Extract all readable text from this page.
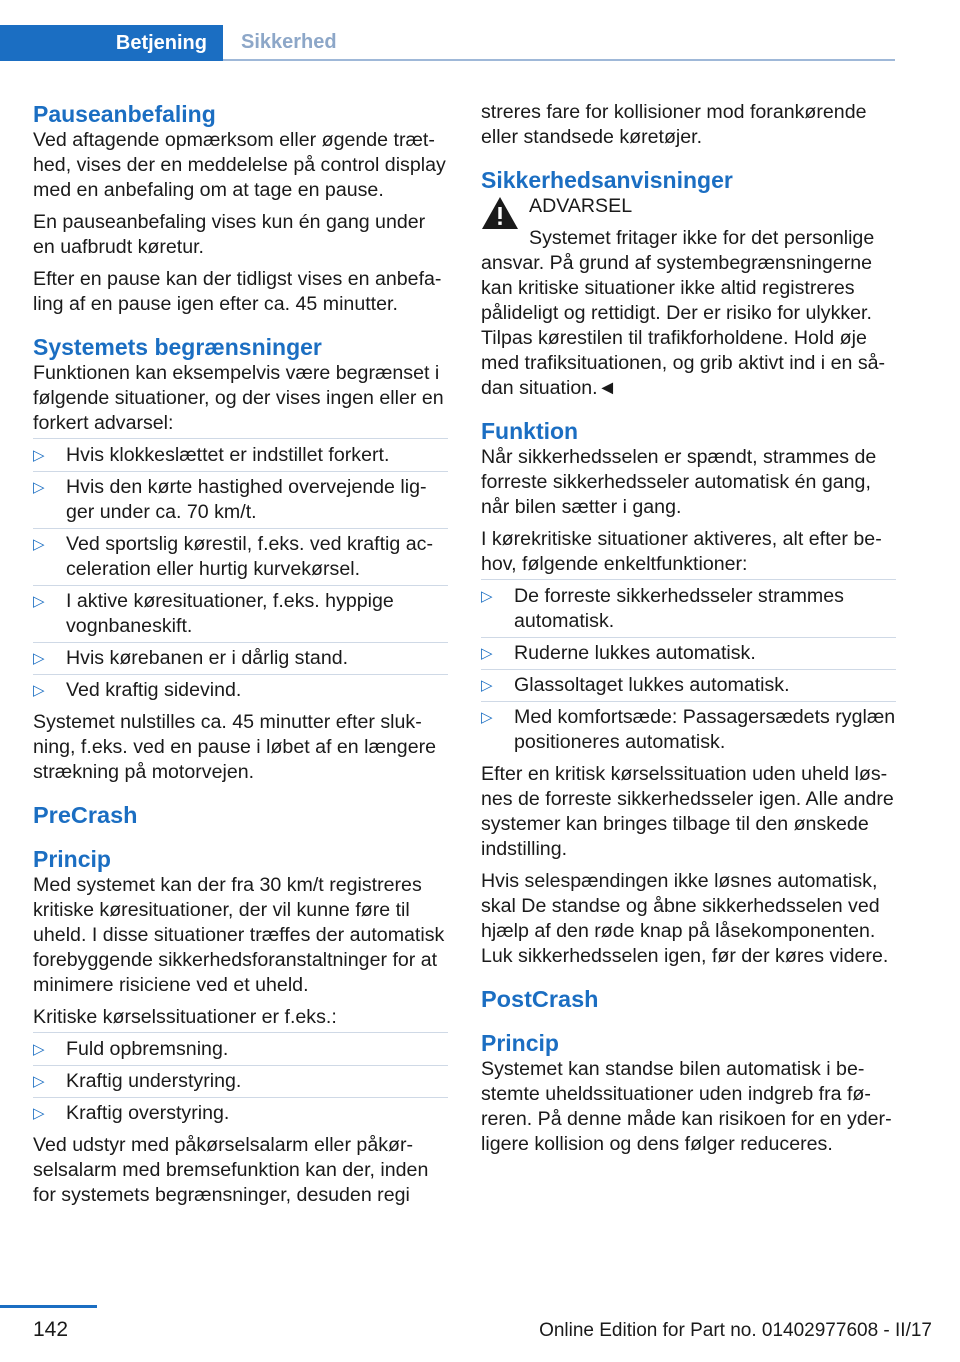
Betjening	Sikkerhed
Pauseanbefaling

Ved aftagende opmærksom eller øgende træthed, vises der en meddelelse på control display med en anbefaling om at tage en pause.

En pauseanbefaling vises kun én gang under en uafbrudt køretur.

Efter en pause kan der tidligst vises en anbefaling af en pause igen efter ca. 45 minutter.

Systemets begrænsninger

Funktionen kan eksempelvis være begrænset i følgende situationer, og der vises ingen eller en forkert advarsel:

▷ Hvis klokkeslættet er indstillet forkert.
▷ Hvis den kørte hastighed overvejende ligger under ca. 70 km/t.
▷ Ved sportslig kørestil, f.eks. ved kraftig acceleration eller hurtig kurvekørsel.
▷ I aktive køresituationer, f.eks. hyppige vognbaneskift.
▷ Hvis kørebanen er i dårlig stand.
▷ Ved kraftig sidevind.

Systemet nulstilles ca. 45 minutter efter slukning, f.eks. ved en pause i løbet af en længere strækning på motorvejen.

PreCrash
Princip

Med systemet kan der fra 30 km/t registreres kritiske køresituationer, der vil kunne føre til uheld. I disse situationer træffes der automatisk forebyggende sikkerhedsforanstaltninger for at minimere risiciene ved et uheld.

Kritiske kørselssituationer er f.eks.:

▷ Fuld opbremsning.
▷ Kraftig understyring.
▷ Kraftig overstyring.

Ved udstyr med påkørselsalarm eller påkørselsalarm med bremsefunktion kan der, inden for systemets begrænsninger, desuden regi

streres fare for kollisioner mod forankørende eller standsede køretøjer.

Sikkerhedsanvisninger
ADVARSEL
Systemet fritager ikke for det personlige

ansvar. På grund af systembegrænsningerne kan kritiske situationer ikke altid registreres pålideligt og rettidigt. Der er risiko for ulykker. Tilpas kørestilen til trafikforholdene. Hold øje med trafiksituationen, og grib aktivt ind i en sådan situation.◄

Funktion

Når sikkerhedsselen er spændt, strammes de forreste sikkerhedsseler automatisk én gang, når bilen sætter i gang.

I kørekritiske situationer aktiveres, alt efter behov, følgende enkeltfunktioner:

▷ De forreste sikkerhedsseler strammes automatisk.
▷ Ruderne lukkes automatisk.
▷ Glassoltaget lukkes automatisk.
▷ Med komfortsæde: Passagersædets ryglæn positioneres automatisk.

Efter en kritisk kørselssituation uden uheld løsnes de forreste sikkerhedsseler igen. Alle andre systemer kan bringes tilbage til den ønskede indstilling.

Hvis selespændingen ikke løsnes automatisk, skal De standse og åbne sikkerhedsselen ved hjælp af den røde knap på låsekomponenten. Luk sikkerhedsselen igen, før der køres videre.

PostCrash
Princip

Systemet kan standse bilen automatisk i bestemte uheldssituationer uden indgreb fra føreren. På denne måde kan risikoen for en yderligere kollision og dens følger reduceres.

142	Online Edition for Part no. 01402977608 - II/17
